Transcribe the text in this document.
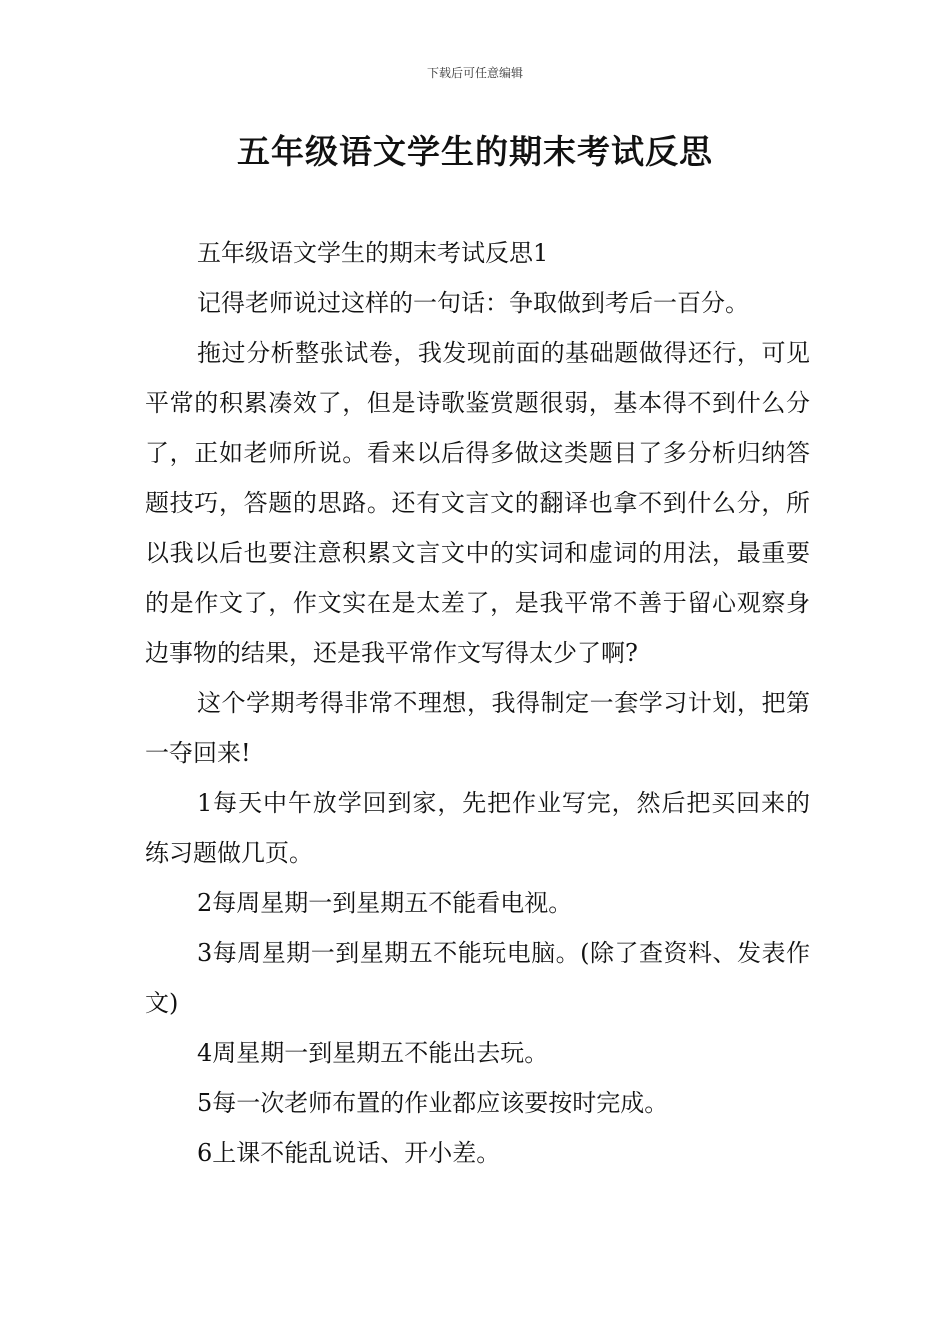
下载后可任意编辑
五年级语文学生的期末考试反思

五年级语文学生的期末考试反思1

记得老师说过这样的一句话：争取做到考后一百分。

拖过分析整张试卷，我发现前面的基础题做得还行，可见平常的积累凑效了，但是诗歌鉴赏题很弱，基本得不到什么分了，正如老师所说。看来以后得多做这类题目了多分析归纳答题技巧，答题的思路。还有文言文的翻译也拿不到什么分，所以我以后也要注意积累文言文中的实词和虚词的用法，最重要的是作文了，作文实在是太差了，是我平常不善于留心观察身边事物的结果，还是我平常作文写得太少了啊?

这个学期考得非常不理想，我得制定一套学习计划，把第一夺回来!

1每天中午放学回到家，先把作业写完，然后把买回来的练习题做几页。

2每周星期一到星期五不能看电视。

3每周星期一到星期五不能玩电脑。(除了查资料、发表作文)

4周星期一到星期五不能出去玩。

5每一次老师布置的作业都应该要按时完成。

6上课不能乱说话、开小差。
